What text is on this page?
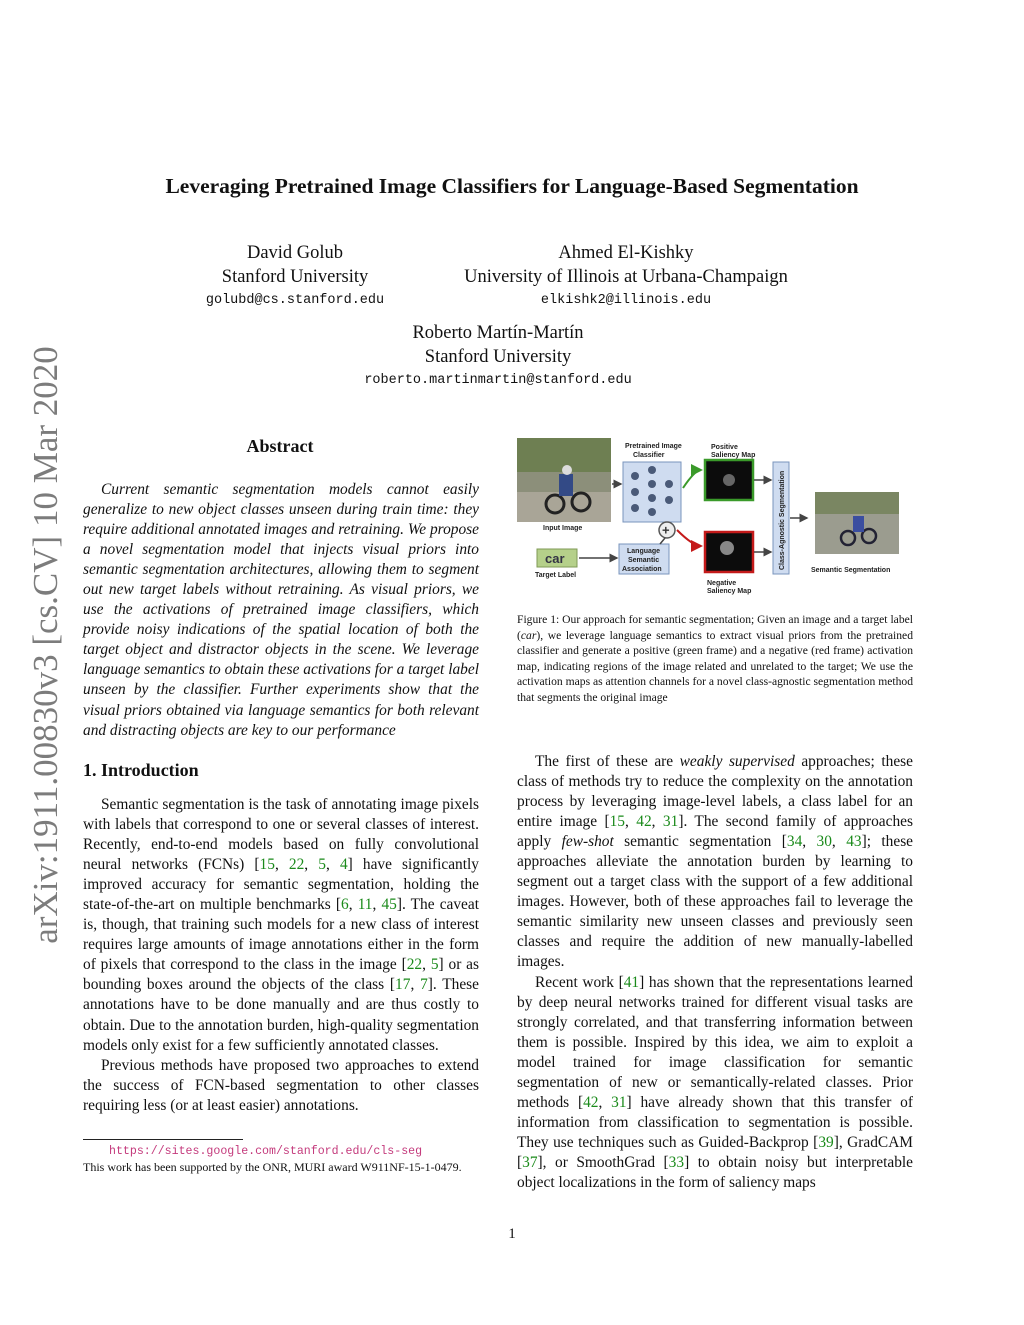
arXiv:1911.00830v3 [cs.CV] 10 Mar 2020
Leveraging Pretrained Image Classifiers for Language-Based Segmentation
David Golub
Stanford University
golubd@cs.stanford.edu
Ahmed El-Kishky
University of Illinois at Urbana-Champaign
elkishk2@illinois.edu
Roberto Martín-Martín
Stanford University
roberto.martinmartin@stanford.edu
Abstract

Current semantic segmentation models cannot easily generalize to new object classes unseen during train time: they require additional annotated images and retraining. We propose a novel segmentation model that injects visual priors into semantic segmentation architectures, allowing them to segment out new target labels without retraining. As visual priors, we use the activations of pretrained image classifiers, which provide noisy indications of the spatial location of both the target object and distractor objects in the scene. We leverage language semantics to obtain these activations for a target label unseen by the classifier. Further experiments show that the visual priors obtained via language semantics for both relevant and distracting objects are key to our performance

1. Introduction

Semantic segmentation is the task of annotating image pixels with labels that correspond to one or several classes of interest. Recently, end-to-end models based on fully convolutional neural networks (FCNs) [15, 22, 5, 4] have significantly improved accuracy for semantic segmentation, holding the state-of-the-art on multiple benchmarks [6, 11, 45]. The caveat is, though, that training such models for a new class of interest requires large amounts of image annotations either in the form of pixels that correspond to the class in the image [22, 5] or as bounding boxes around the objects of the class [17, 7]. These annotations have to be done manually and are thus costly to obtain. Due to the annotation burden, high-quality segmentation models only exist for a few sufficiently annotated classes.

Previous methods have proposed two approaches to extend the success of FCN-based segmentation to other classes requiring less (or at least easier) annotations.

https://sites.google.com/stanford.edu/cls-seg
This work has been supported by the ONR, MURI award W911NF-15-1-0479.
Input Image
car
Target Label
Pretrained Image
Classifier
+
Language
Semantic
Association
Positive
Saliency Map
Negative
Saliency Map
Class-Agnostic Segmentation
Semantic Segmentation
Figure 1: Our approach for semantic segmentation; Given an image and a target label (car), we leverage language semantics to extract visual priors from the pretrained classifier and generate a positive (green frame) and a negative (red frame) activation map, indicating regions of the image related and unrelated to the target; We use the activation maps as attention channels for a novel class-agnostic segmentation method that segments the original image

The first of these are weakly supervised approaches; these class of methods try to reduce the complexity on the annotation process by leveraging image-level labels, a class label for an entire image [15, 42, 31]. The second family of approaches apply few-shot semantic segmentation [34, 30, 43]; these approaches alleviate the annotation burden by learning to segment out a target class with the support of a few additional images. However, both of these approaches fail to leverage the semantic similarity new unseen classes and previously seen classes and require the addition of new manually-labelled images.

Recent work [41] has shown that the representations learned by deep neural networks trained for different visual tasks are strongly correlated, and that transferring information between them is possible. Inspired by this idea, we aim to exploit a model trained for image classification for semantic segmentation of new or semantically-related classes. Prior methods [42, 31] have already shown that this transfer of information from classification to segmentation is possible. They use techniques such as Guided-Backprop [39], GradCAM [37], or SmoothGrad [33] to obtain noisy but interpretable object localizations in the form of saliency maps

1
